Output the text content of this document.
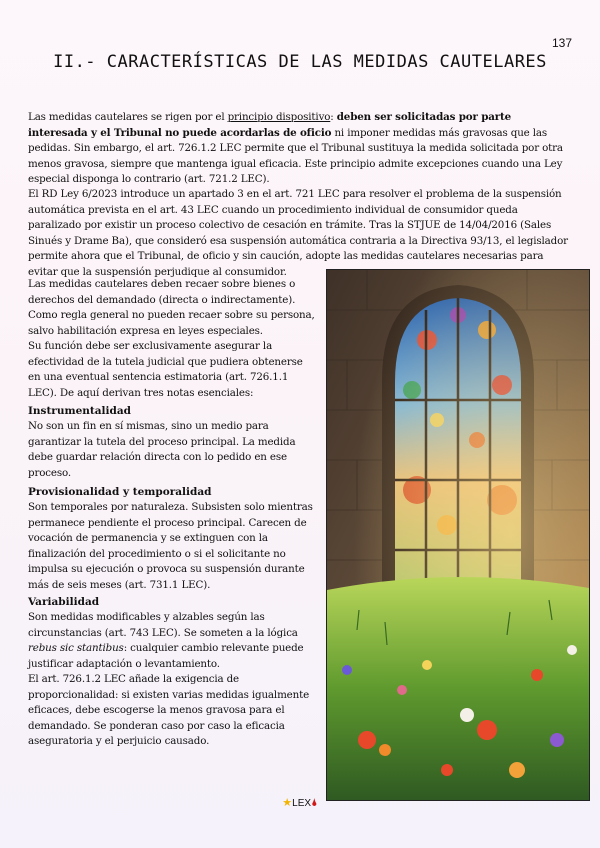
137
II.- CARACTERÍSTICAS DE LAS MEDIDAS CAUTELARES

Las medidas cautelares se rigen por el principio dispositivo: deben ser solicitadas por parte interesada y el Tribunal no puede acordarlas de oficio ni imponer medidas más gravosas que las pedidas. Sin embargo, el art. 726.1.2 LEC permite que el Tribunal sustituya la medida solicitada por otra menos gravosa, siempre que mantenga igual eficacia. Este principio admite excepciones cuando una Ley especial disponga lo contrario (art. 721.2 LEC).

El RD Ley 6/2023 introduce un apartado 3 en el art. 721 LEC para resolver el problema de la suspensión automática prevista en el art. 43 LEC cuando un procedimiento individual de consumidor queda paralizado por existir un proceso colectivo de cesación en trámite. Tras la STJUE de 14/04/2016 (Sales Sinués y Drame Ba), que consideró esa suspensión automática contraria a la Directiva 93/13, el legislador permite ahora que el Tribunal, de oficio y sin caución, adopte las medidas cautelares necesarias para evitar que la suspensión perjudique al consumidor.

Las medidas cautelares deben recaer sobre bienes o derechos del demandado (directa o indirectamente). Como regla general no pueden recaer sobre su persona, salvo habilitación expresa en leyes especiales.

Su función debe ser exclusivamente asegurar la efectividad de la tutela judicial que pudiera obtenerse en una eventual sentencia estimatoria (art. 726.1.1 LEC). De aquí derivan tres notas esenciales:

Instrumentalidad

No son un fin en sí mismas, sino un medio para garantizar la tutela del proceso principal. La medida debe guardar relación directa con lo pedido en ese proceso.

Provisionalidad y temporalidad

Son temporales por naturaleza. Subsisten solo mientras permanece pendiente el proceso principal. Carecen de vocación de permanencia y se extinguen con la finalización del procedimiento o si el solicitante no impulsa su ejecución o provoca su suspensión durante más de seis meses (art. 731.1 LEC).

Variabilidad

Son medidas modificables y alzables según las circunstancias (art. 743 LEC). Se someten a la lógica rebus sic stantibus: cualquier cambio relevante puede justificar adaptación o levantamiento.

El art. 726.1.2 LEC añade la exigencia de proporcionalidad: si existen varias medidas igualmente eficaces, debe escogerse la menos gravosa para el demandado. Se ponderan caso por caso la eficacia aseguratoria y el perjuicio causado.

★LEX🌢
